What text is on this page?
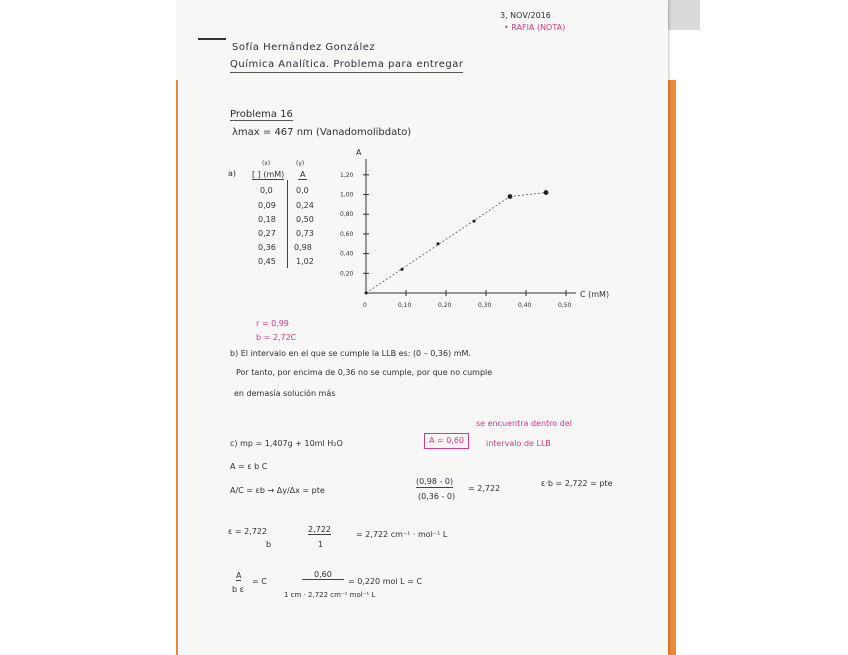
3, NOV/2016
• RAFIA (NOTA)
Sofía Hernández González
Química Analítica. Problema para entregar
Problema 16
λmax = 467 nm (Vanadomolibdato)
a)
(x)	(y)
[ ] (mM) A
0,0	0,0
0,09	0,24
0,18	0,50
0,27	0,73
0,36 0,98
0,45	1,02
A
C (mM)
0
0,20
0,40
0,60
0,80
1,00
1,20
0,10	0,20	0,30	0,40	0,50
r = 0,99
b = 2,72C
b) El intervalo en el que se cumple la LLB es: (0 – 0,36) mM.
Por tanto, por encima de 0,36 no se cumple, por que no cumple
en demasía solución más
c) mp = 1,407g + 10ml H₂O	A = 0,60
se encuentra dentro del
intervalo de LLB
A = ε b C
A/C = εb → Δy/Δx = pte
(0,98 - 0)
(0,36 - 0)
= 2,722
ε·b = 2,722 = pte
ε = 2,722
b
2,722
1
= 2,722 cm⁻¹ · mol⁻¹ L
A
b ε
= C
0,60
1 cm · 2,722 cm⁻¹ mol⁻¹ L
= 0,220 mol L = C
